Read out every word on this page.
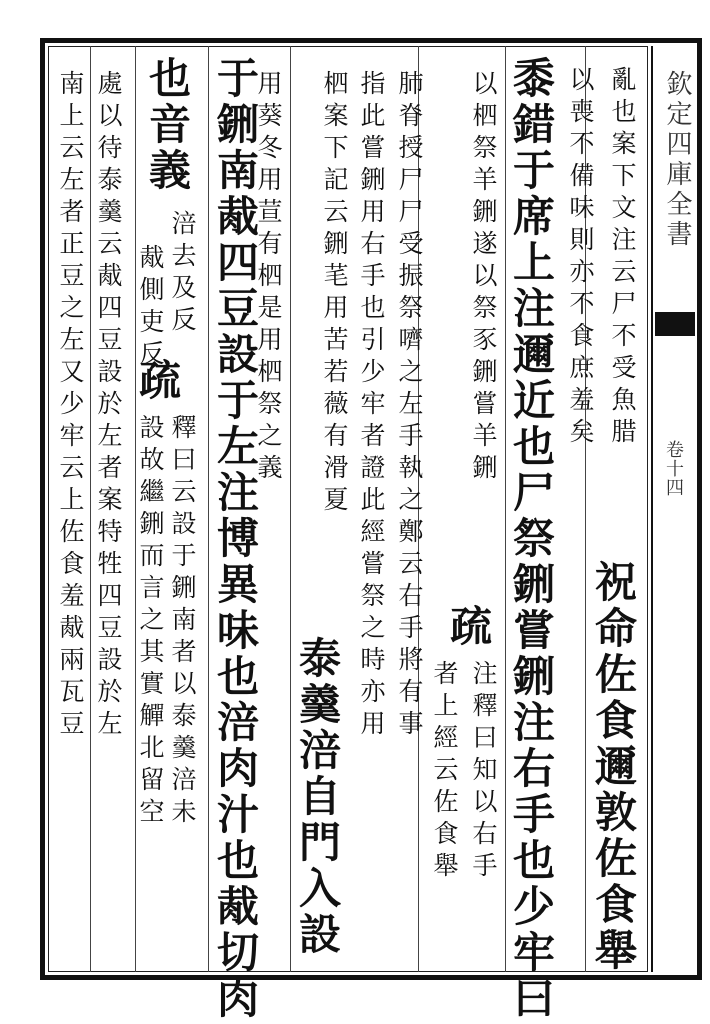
欽定四庫全書
卷十四
亂也案下文注云尸不受魚腊
祝命佐食邇敦佐食舉
以喪不備味則亦不食庶羞矣
黍錯于席上注邇近也尸祭鉶嘗鉶注右手也少牢曰
以柶祭羊鉶遂以祭豕鉶嘗羊鉶
疏
注釋曰知以右手
肺脊授尸尸受振祭嚌之左手執之鄭云右手將有事
者上經云佐食舉
指此嘗鉶用右手也引少牢者證此經嘗祭之時亦用
柶案下記云鉶芼用苦若薇有滑夏
泰羹涪自門入設
用葵冬用荁有柶是用柶祭之義
于鉶南胾四豆設于左注博異味也涪肉汁也胾切肉
也音義
涪去及反
胾側吏反
疏
釋曰云設于鉶南者以泰羹涪未
設故繼鉶而言之其實觶北留空
處以待泰羹云胾四豆設於左者案特牲四豆設於左
南上云左者正豆之左又少牢云上佐食羞胾兩瓦豆
